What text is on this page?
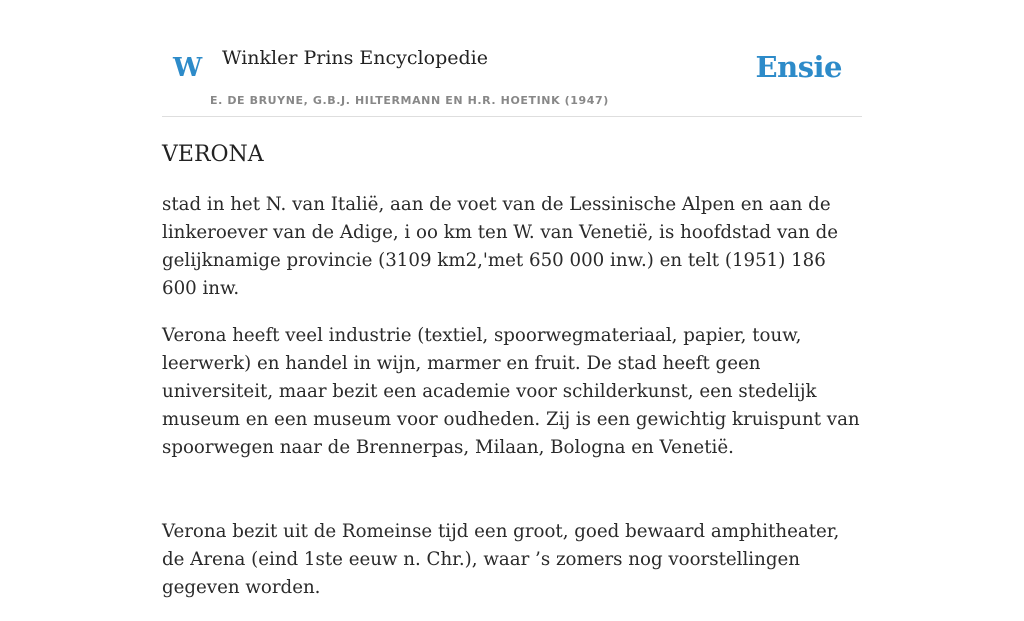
W Winkler Prins Encyclopedie
E. DE BRUYNE, G.B.J. HILTERMANN EN H.R. HOETINK (1947)
Ensie
VERONA

stad in het N. van Italië, aan de voet van de Lessinische Alpen en aan de linkeroever van de Adige, i oo km ten W. van Venetië, is hoofdstad van de gelijknamige provincie (3109 km2,'met 650 000 inw.) en telt (1951) 186 600 inw.

Verona heeft veel industrie (textiel, spoorwegmateriaal, papier, touw, leerwerk) en handel in wijn, marmer en fruit. De stad heeft geen universiteit, maar bezit een academie voor schilderkunst, een stedelijk museum en een museum voor oudheden. Zij is een gewichtig kruispunt van spoorwegen naar de Brennerpas, Milaan, Bologna en Venetië.

Verona bezit uit de Romeinse tijd een groot, goed bewaard amphitheater, de Arena (eind 1ste eeuw n. Chr.), waar ’s zomers nog voorstellingen gegeven worden.
